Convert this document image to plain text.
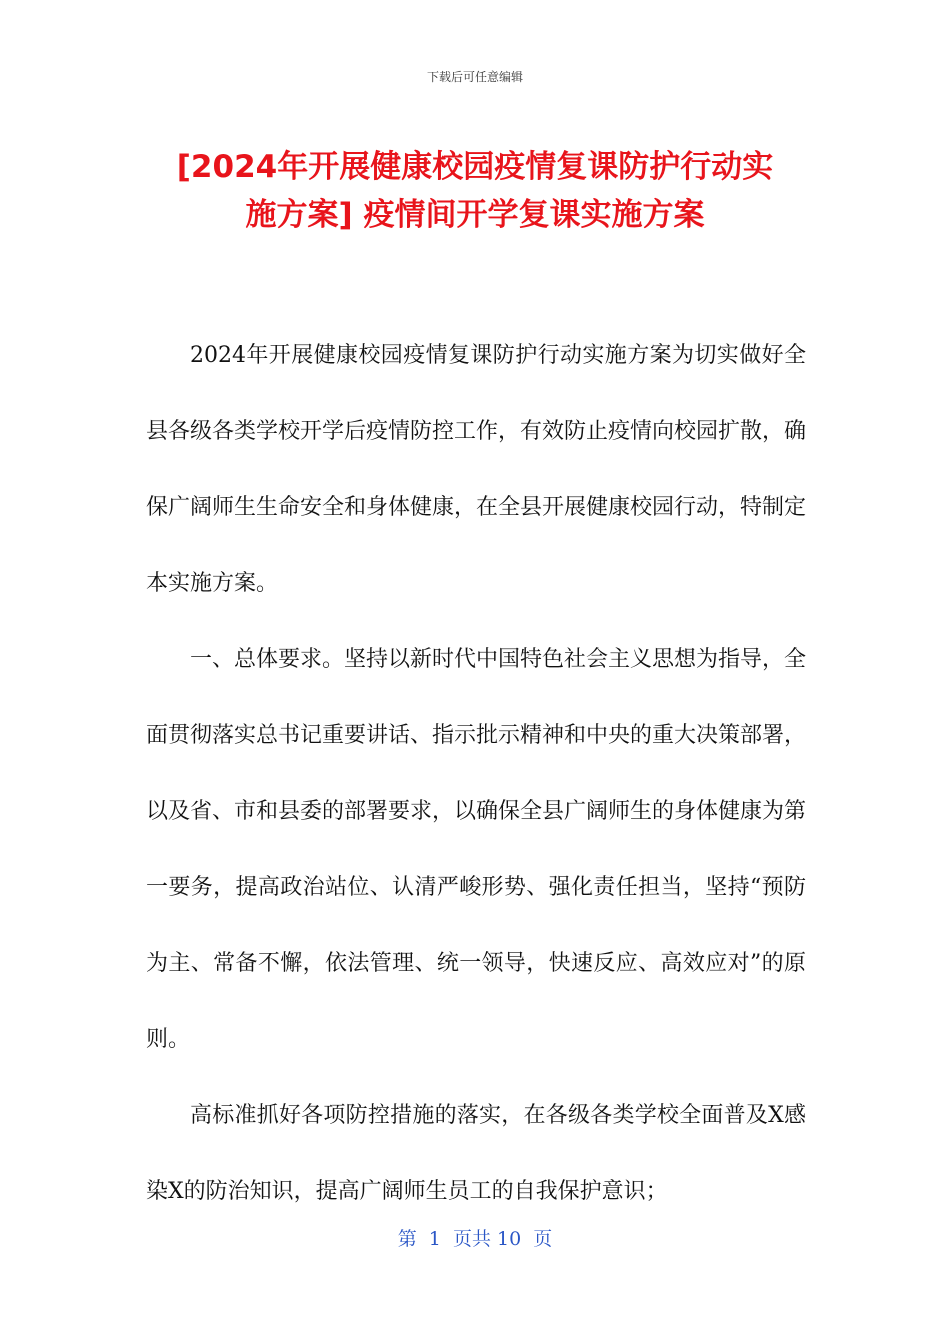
下载后可任意编辑
[2024年开展健康校园疫情复课防护行动实
施方案] 疫情间开学复课实施方案

2024年开展健康校园疫情复课防护行动实施方案为切实做好全县各级各类学校开学后疫情防控工作，有效防止疫情向校园扩散，确保广阔师生生命安全和身体健康，在全县开展健康校园行动，特制定本实施方案。

一、总体要求。坚持以新时代中国特色社会主义思想为指导，全面贯彻落实总书记重要讲话、指示批示精神和中央的重大决策部署，以及省、市和县委的部署要求，以确保全县广阔师生的身体健康为第一要务，提高政治站位、认清严峻形势、强化责任担当，坚持“预防为主、常备不懈，依法管理、统一领导，快速反应、高效应对”的原则。

高标准抓好各项防控措施的落实，在各级各类学校全面普及X感染X的防治知识，提高广阔师生员工的自我保护意识；

第  1  页共 10  页
